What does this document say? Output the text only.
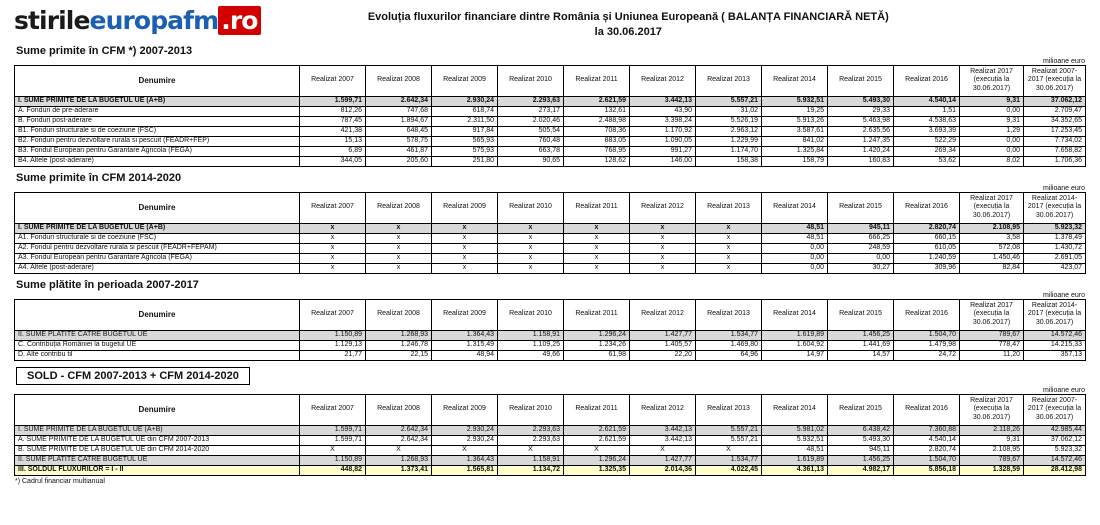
stirileeuropafm .ro	Evoluția fluxurilor financiare dintre România și Uniunea Europeană ( BALANȚA FINANCIARĂ NETĂ)
la 30.06.2017
Sume primite în CFM *) 2007-2013
milioane euro
Denumire	Realizat 2007	Realizat 2008	Realizat 2009	Realizat 2010	Realizat 2011	Realizat 2012	Realizat 2013	Realizat 2014	Realizat 2015	Realizat 2016	Realizat 2017 (execuția la 30.06.2017)	Realizat 2007-2017 (execuția la 30.06.2017)
I. SUME PRIMITE DE LA BUGETUL UE (A+B)	1.599,71	2.642,34	2.930,24	2.293,63	2.621,59	3.442,13	5.557,21	5.932,51	5.493,30	4.540,14	9,31	37.062,12
A. Fonduri de pre-aderare	812,26	747,68	618,74	273,17	132,61	43,90	31,02	19,25	29,33	1,51	0,00	2.709,47
B. Fonduri post-aderare	787,45	1.894,67	2.311,50	2.020,46	2.488,98	3.398,24	5.526,19	5.913,26	5.463,98	4.538,63	9,31	34.352,65
B1. Fonduri structurale si de coeziune (FSC)	421,38	648,45	917,84	505,54	708,36	1.170,92	2.963,12	3.587,61	2.635,56	3.693,39	1,29	17.253,45
B2. Fonduri pentru dezvoltare rurala si pescuit (FEADR+FEP)	15,13	578,75	565,93	760,48	883,05	1.090,05	1.229,99	841,02	1.247,35	522,29	0,00	7.734,02
B3. Fondul European pentru Garantare Agricola (FEGA)	6,89	461,87	575,93	663,78	768,95	991,27	1.174,70	1.325,84	1.420,24	269,34	0,00	7.658,82
B4. Altele (post-aderare)	344,05	205,60	251,80	90,65	128,62	146,00	158,38	158,79	160,83	53,62	8,02	1.706,36
Sume primite în CFM 2014-2020
milioane euro
Denumire	Realizat 2007	Realizat 2008	Realizat 2009	Realizat 2010	Realizat 2011	Realizat 2012	Realizat 2013	Realizat 2014	Realizat 2015	Realizat 2016	Realizat 2017 (execuția la 30.06.2017)	Realizat 2014-2017 (execuția la 30.06.2017)
I. SUME PRIMITE DE LA BUGETUL UE (A+B)	x	x	x	x	x	x	x	48,51	945,11	2.820,74	2.108,95	5.923,32
A1. Fonduri structurale si de coeziune (FSC)	x	x	x	x	x	x	x	48,51	666,25	660,15	3,58	1.378,49
A2. Fondul pentru dezvoltare rurala si pescuit (FEADR+FEPAM)	x	x	x	x	x	x	x	0,00	248,59	610,05	572,08	1.430,72
A3. Fondul European pentru Garantare Agricola (FEGA)	x	x	x	x	x	x	x	0,00	0,00	1.240,59	1.450,46	2.691,05
A4. Altele (post-aderare)	x	x	x	x	x	x	x	0,00	30,27	309,96	82,84	423,07
Sume plătite în perioada 2007-2017
milioane euro
Denumire	Realizat 2007	Realizat 2008	Realizat 2009	Realizat 2010	Realizat 2011	Realizat 2012	Realizat 2013	Realizat 2014	Realizat 2015	Realizat 2016	Realizat 2017 (execuția la 30.06.2017)	Realizat 2014-2017 (execuția la 30.06.2017)
II. SUME PLATITE CATRE BUGETUL UE	1.150,89	1.268,93	1.364,43	1.158,91	1.296,24	1.427,77	1.534,77	1.619,89	1.456,25	1.504,70	789,67	14.572,46
C. Contribuția României la bugetul UE	1.129,13	1.246,78	1.315,49	1.109,25	1.234,26	1.405,57	1.469,80	1.604,92	1.441,69	1.479,98	778,47	14.215,33
D. Alte contribu til	21,77	22,15	48,94	49,66	61,98	22,20	64,96	14,97	14,57	24,72	11,20	357,13
SOLD - CFM 2007-2013 + CFM 2014-2020
milioane euro
Denumire	Realizat 2007	Realizat 2008	Realizat 2009	Realizat 2010	Realizat 2011	Realizat 2012	Realizat 2013	Realizat 2014	Realizat 2015	Realizat 2016	Realizat 2017 (execuția la 30.06.2017)	Realizat 2007-2017 (execuția la 30.06.2017)
I. SUME PRIMITE DE LA BUGETUL UE (A+B)	1.599,71	2.642,34	2.930,24	2.293,63	2.621,59	3.442,13	5.557,21	5.981,02	6.438,42	7.360,88	2.118,26	42.985,44
A. SUME PRIMITE DE LA BUGETUL UE din CFM 2007-2013	1.599,71	2.642,34	2.930,24	2.293,63	2.621,59	3.442,13	5.557,21	5.932,51	5.493,30	4.540,14	9,31	37.062,12
B. SUME PRIMITE DE LA BUGETUL UE din CFM 2014-2020	X	X	X	X	X	X	X	48,51	945,11	2.820,74	2.108,95	5.923,32
II. SUME PLATITE CATRE BUGETUL UE	1.150,89	1.268,93	1.364,43	1.158,91	1.296,24	1.427,77	1.534,77	1.619,89	1.456,25	1.504,70	789,67	14.572,46
III. SOLDUL FLUXURILOR = I - II	448,82	1.373,41	1.565,81	1.134,72	1.325,35	2.014,36	4.022,45	4.361,13	4.982,17	5.856,18	1.328,59	28.412,98
*) Cadrul financiar multianual
